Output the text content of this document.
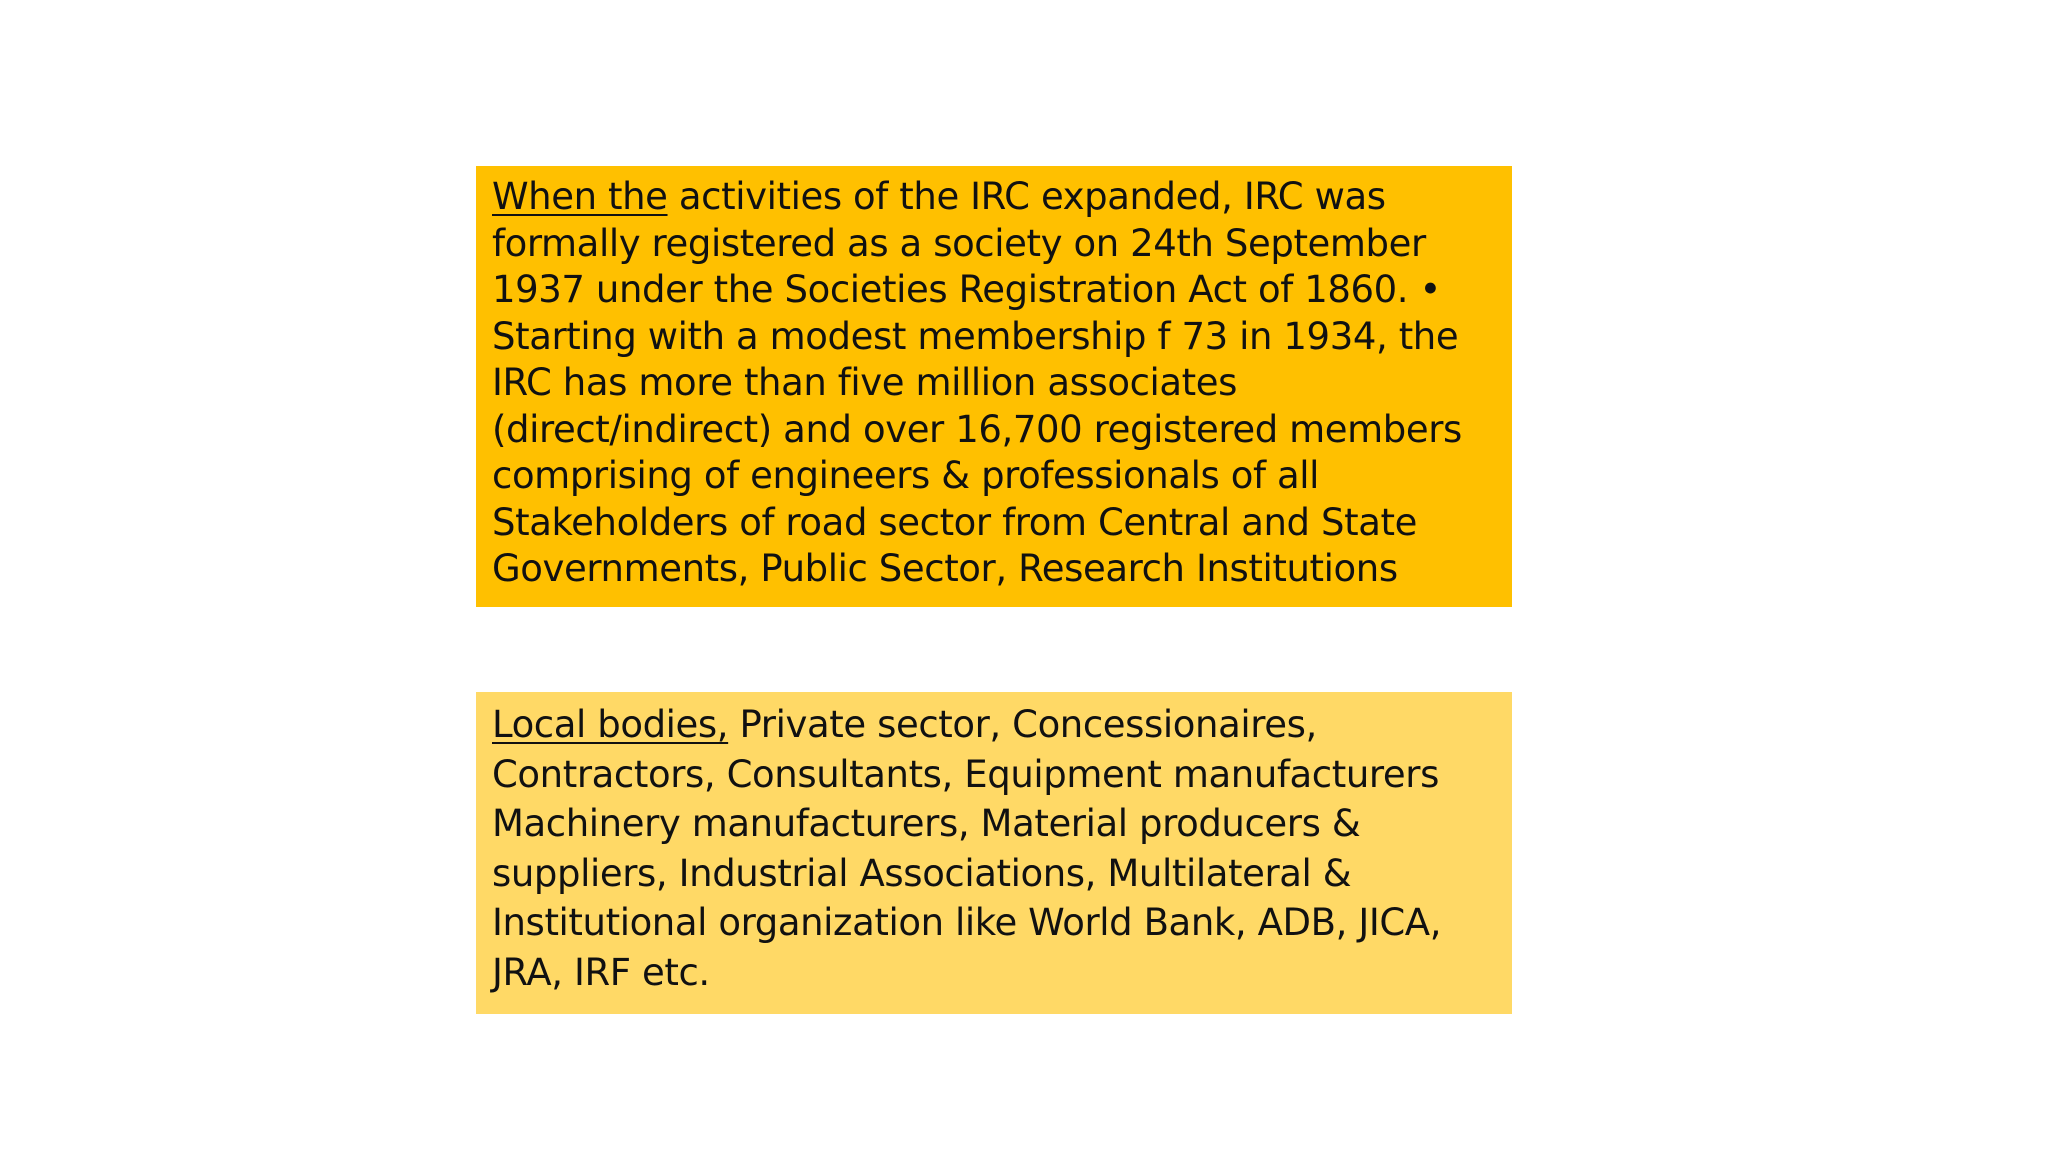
When the activities of the IRC expanded, IRC was formally registered as a society on 24th September 1937 under the Societies Registration Act of 1860. • Starting with a modest membership f 73 in 1934, the IRC has more than five million associates (direct/indirect) and over 16,700 registered members comprising of engineers & professionals of all Stakeholders of road sector from Central and State Governments, Public Sector, Research Institutions
Local bodies, Private sector, Concessionaires, Contractors, Consultants, Equipment manufacturers Machinery manufacturers, Material producers & suppliers, Industrial Associations, Multilateral & Institutional organization like World Bank, ADB, JICA, JRA, IRF etc.
